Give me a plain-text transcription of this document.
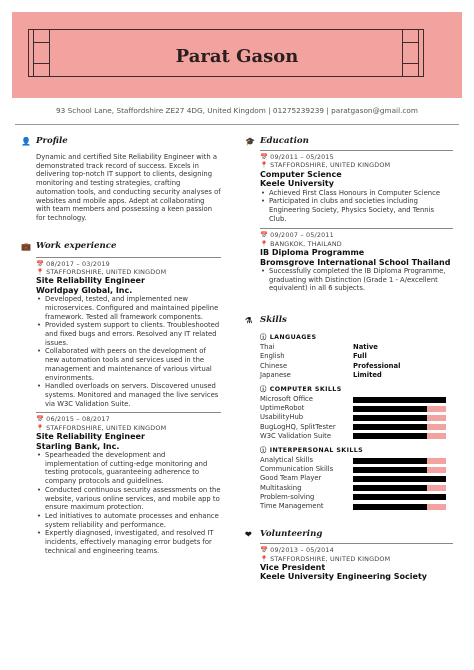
Parat Gason
93 School Lane, Staffordshire ZE27 4DG, United Kingdom | 01275239239 | paratgason@gmail.com
👤 Profile
Dynamic and certified Site Reliability Engineer with a demonstrated track record of success. Excels in delivering top-notch IT support to clients, designing monitoring and testing strategies, crafting automation tools, and conducting security analyses of websites and mobile apps. Adept at collaborating with team members and possessing a keen passion for technology.
💼 Work experience
📅 08/2017 – 03/2019
📍 STAFFORDSHIRE, UNITED KINGDOM
Site Reliability Engineer
Worldpay Global, Inc.
• Developed, tested, and implemented new microservices. Configured and maintained pipeline framework. Tested all framework components.
• Provided system support to clients. Troubleshooted and fixed bugs and errors. Resolved any IT related issues.
• Collaborated with peers on the development of new automation tools and services used in the management and maintenance of various virtual environments.
• Handled overloads on servers. Discovered unused systems. Monitored and managed the live services via W3C Validation Suite.
📅 06/2015 – 08/2017
📍 STAFFORDSHIRE, UNITED KINGDOM
Site Reliability Engineer
Starling Bank, Inc.
• Spearheaded the development and implementation of cutting-edge monitoring and testing protocols, guaranteeing adherence to company protocols and guidelines.
• Conducted continuous security assessments on the website, various online services, and mobile app to ensure maximum protection.
• Led initiatives to automate processes and enhance system reliability and performance.
• Expertly diagnosed, investigated, and resolved IT incidents, effectively managing error budgets for technical and engineering teams.
🎓 Education
📅 09/2011 – 05/2015
📍 STAFFORDSHIRE, UNITED KINGDOM
Computer Science
Keele University
• Achieved First Class Honours in Computer Science
• Participated in clubs and societies including Engineering Society, Physics Society, and Tennis Club.
📅 09/2007 – 05/2011
📍 BANGKOK, THAILAND
IB Diploma Programme
Bromsgrove International School Thailand
• Successfully completed the IB Diploma Programme, graduating with Distinction (Grade 1 - A/excellent equivalent) in all 6 subjects.
⚗ Skills
ⓘ LANGUAGES
Thai	Native
English	Full
Chinese	Professional
Japanese	Limited
ⓘ COMPUTER SKILLS
Microsoft Office
UptimeRobot
UsabilityHub
BugLogHQ, SplitTester
W3C Validation Suite
ⓘ INTERPERSONAL SKILLS
Analytical Skills
Communication Skills
Good Team Player
Multitasking
Problem-solving
Time Management
❤ Volunteering
📅 09/2013 – 05/2014
📍 STAFFORDSHIRE, UNITED KINGDOM
Vice President
Keele University Engineering Society
